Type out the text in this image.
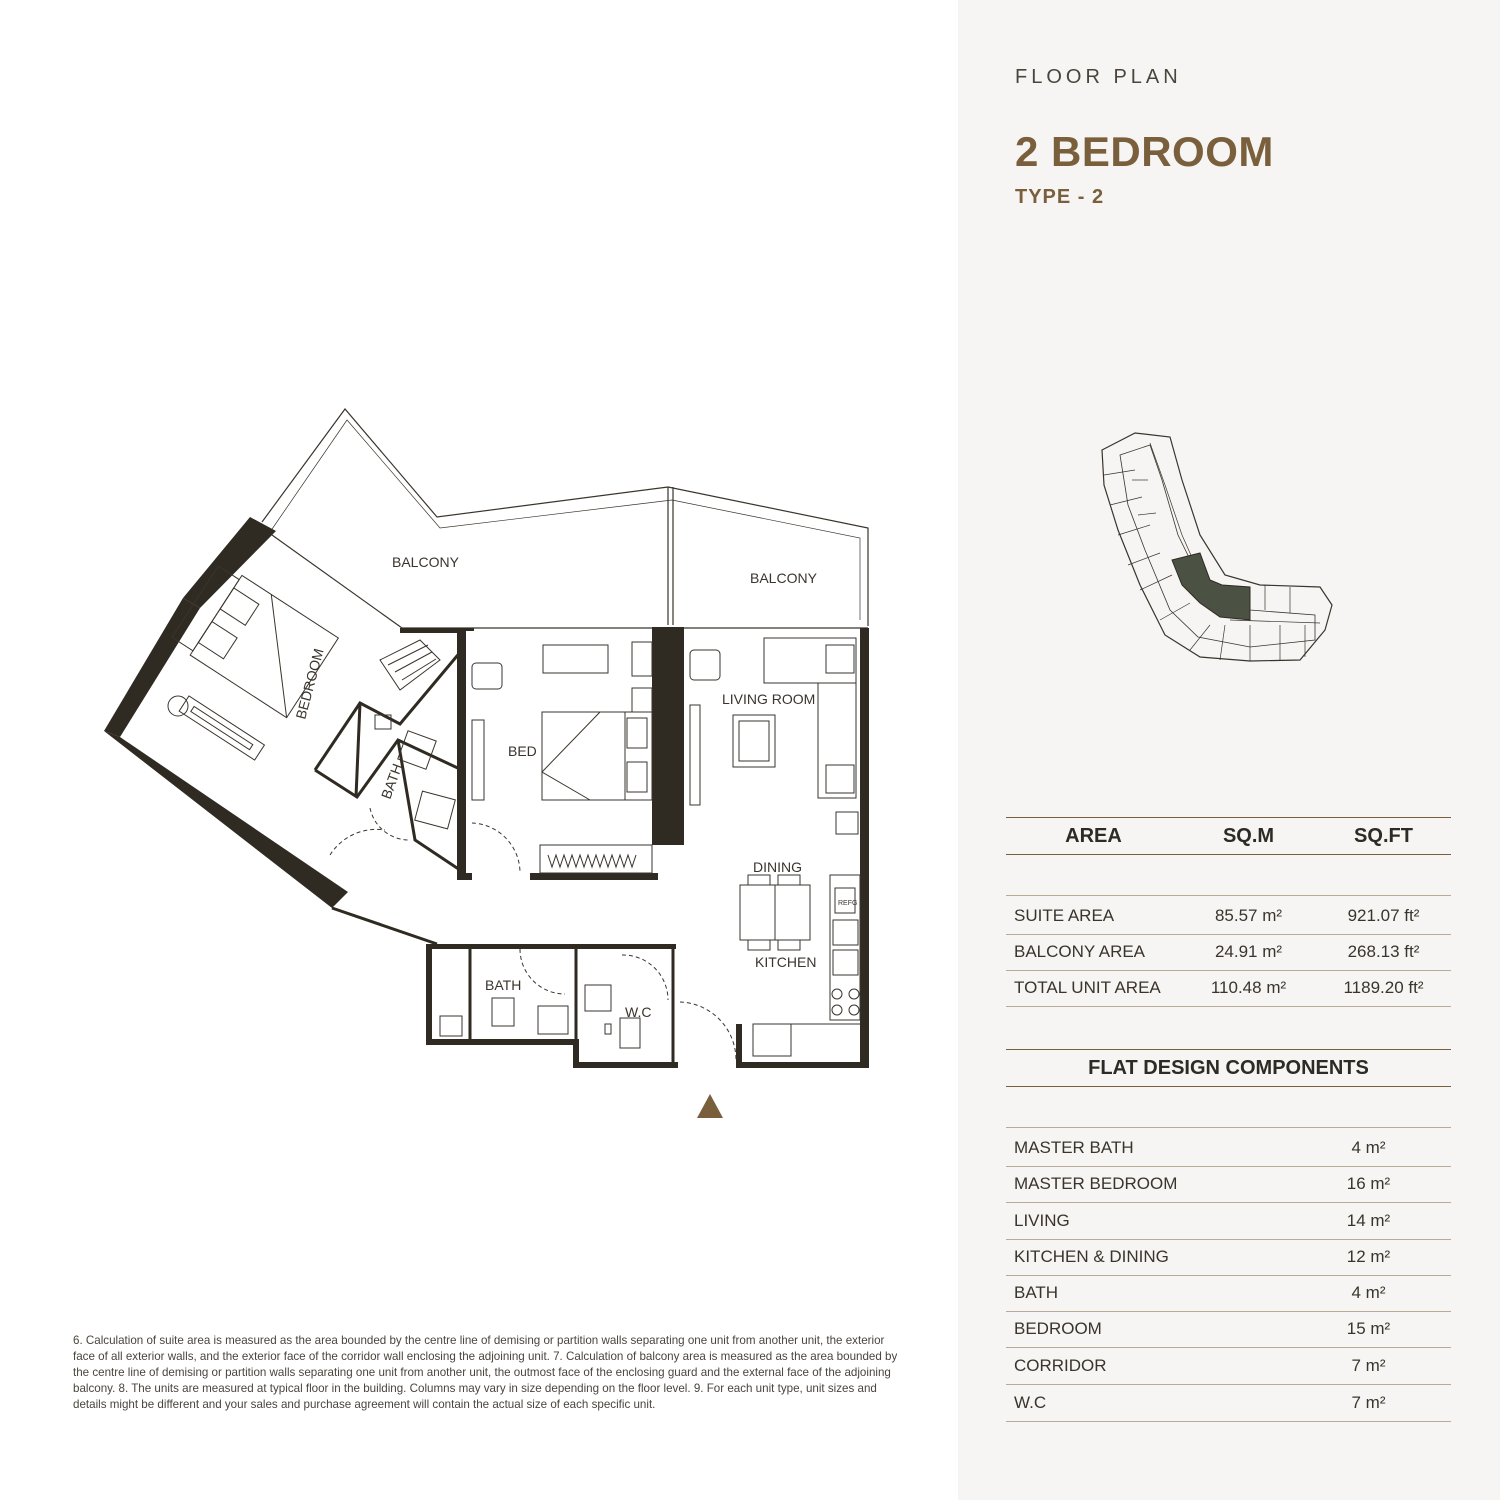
FLOOR PLAN
2 BEDROOM
TYPE - 2
BALCONY
BALCONY
BEDROOM
BATH
BED
LIVING ROOM
DINING
KITCHEN
REFG
BATH
W.C
AREA	SQ.M	SQ.FT
SUITE AREA	85.57 m²	921.07 ft²
BALCONY AREA	24.91 m²	268.13 ft²
TOTAL UNIT AREA	110.48 m²	1189.20 ft²
FLAT DESIGN COMPONENTS
MASTER BATH	4 m²
MASTER BEDROOM	16 m²
LIVING	14 m²
KITCHEN & DINING	12 m²
BATH	4 m²
BEDROOM	15 m²
CORRIDOR	7 m²
W.C	7 m²
6. Calculation of suite area is measured as the area bounded by the centre line of demising or partition walls separating one unit from another unit, the exterior face of all exterior walls, and the exterior face of the corridor wall enclosing the adjoining unit. 7. Calculation of balcony area is measured as the area bounded by the centre line of demising or partition walls separating one unit from another unit, the outmost face of the enclosing guard and the external face of the adjoining balcony. 8. The units are measured at typical floor in the building. Columns may vary in size depending on the floor level. 9. For each unit type, unit sizes and details might be different and your sales and purchase agreement will contain the actual size of each specific unit.
